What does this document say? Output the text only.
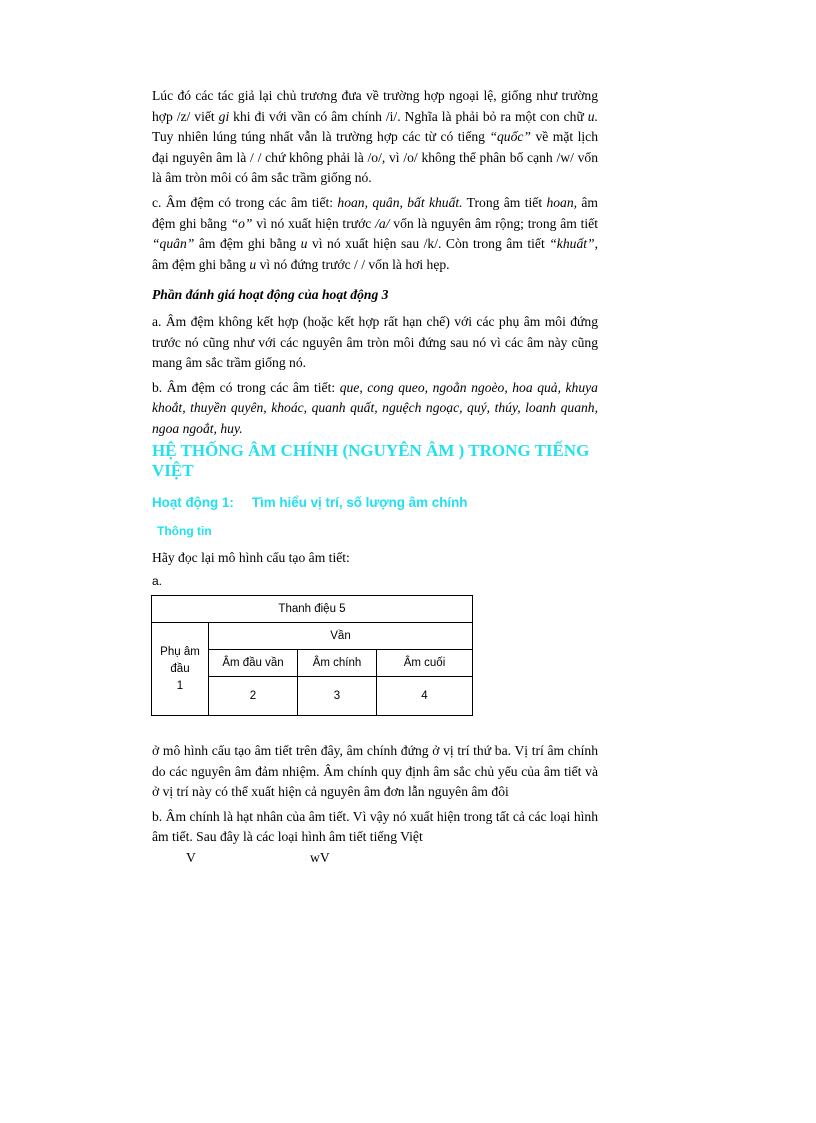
Lúc đó các tác giả lại chủ trương đưa về trường hợp ngoại lệ, giống như trường hợp /z/ viết gi khi đi với vần có âm chính /i/. Nghĩa là phải bỏ ra một con chữ u. Tuy nhiên lúng túng nhất vẫn là trường hợp các từ có tiếng “quốc” về mặt lịch đại nguyên âm là / / chứ không phải là /o/, vì /o/ không thể phân bố cạnh /w/ vốn là âm tròn môi có âm sắc trầm giống nó.

c. Âm đệm có trong các âm tiết: hoan, quân, bất khuất. Trong âm tiết hoan, âm đệm ghi bằng “o” vì nó xuất hiện trước /a/ vốn là nguyên âm rộng; trong âm tiết “quân” âm đệm ghi bằng u vì nó xuất hiện sau /k/. Còn trong âm tiết “khuất”, âm đệm ghi bằng u vì nó đứng trước / / vốn là hơi hẹp.

Phần đánh giá hoạt động của hoạt động 3

a. Âm đệm không kết hợp (hoặc kết hợp rất hạn chế) với các phụ âm môi đứng trước nó cũng như với các nguyên âm tròn môi đứng sau nó vì các âm này cũng mang âm sắc trầm giống nó.

b. Âm đệm có trong các âm tiết: que, cong queo, ngoằn ngoèo, hoa quả, khuya khoắt, thuyền quyên, khoác, quanh quất, nguệch ngoạc, quý, thúy, loanh quanh, ngoa ngoắt, huy.

HỆ THỐNG ÂM CHÍNH (NGUYÊN ÂM ) TRONG TIẾNG VIỆT
Hoạt động 1: Tìm hiểu vị trí, số lượng âm chính
Thông tin
Hãy đọc lại mô hình cấu tạo âm tiết:
a.
Thanh điệu 5			

Phụ âm
đầu
1	Vần		
	Âm đầu vần	Âm chính	Âm cuối
	2	3	4

ở mô hình cấu tạo âm tiết trên đây, âm chính đứng ở vị trí thứ ba. Vị trí âm chính do các nguyên âm đảm nhiệm. Âm chính quy định âm sắc chủ yếu của âm tiết và ở vị trí này có thể xuất hiện cả nguyên âm đơn lẫn nguyên âm đôi

b. Âm chính là hạt nhân của âm tiết. Vì vậy nó xuất hiện trong tất cả các loại hình âm tiết. Sau đây là các loại hình âm tiết tiếng Việt

V	wV
